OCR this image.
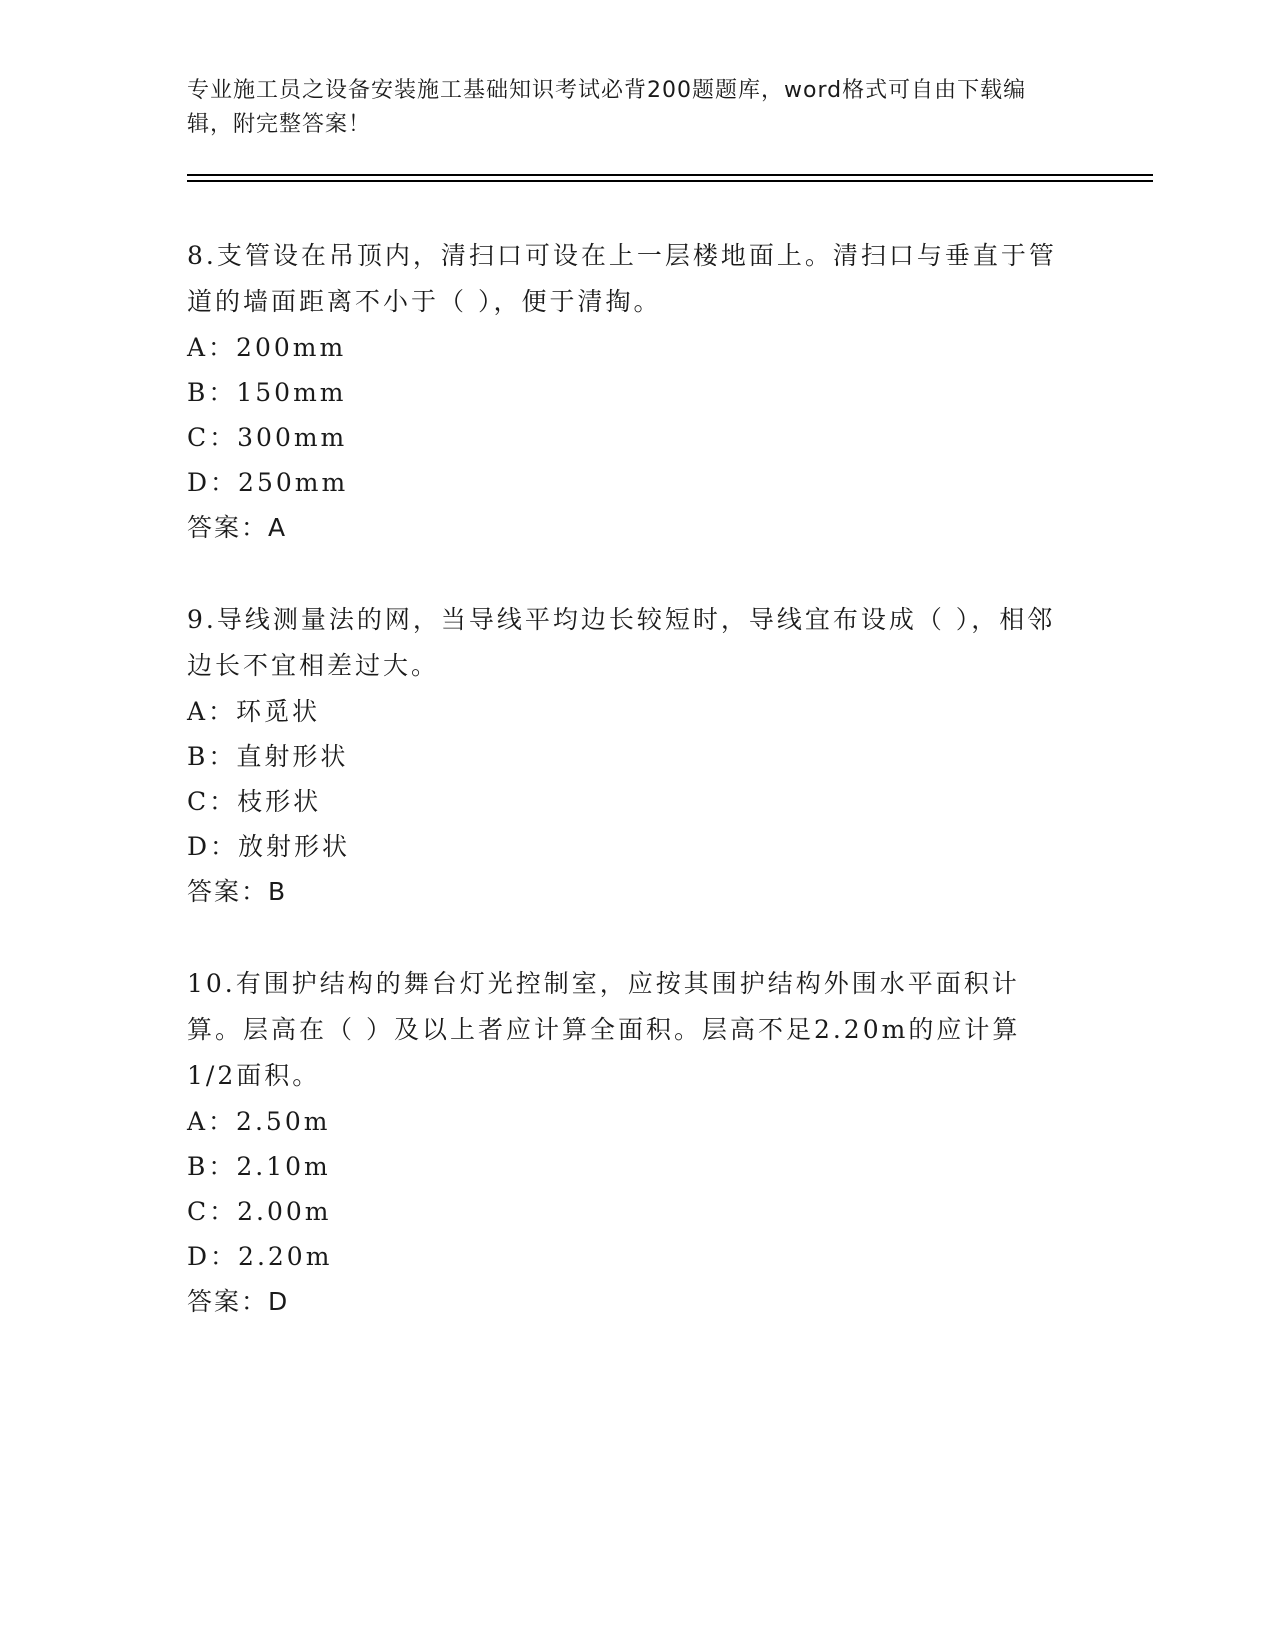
专业施工员之设备安装施工基础知识考试必背200题题库，word格式可自由下载编辑，附完整答案！

8.支管设在吊顶内，清扫口可设在上一层楼地面上。清扫口与垂直于管道的墙面距离不小于（ ），便于清掏。

A：200mm

B：150mm

C：300mm

D：250mm

答案：A

9.导线测量法的网，当导线平均边长较短时，导线宜布设成（ ），相邻边长不宜相差过大。

A：环觅状

B：直射形状

C：枝形状

D：放射形状

答案：B

10.有围护结构的舞台灯光控制室，应按其围护结构外围水平面积计算。层高在（ ）及以上者应计算全面积。层高不足2.20m的应计算1/2面积。

A：2.50m

B：2.10m

C：2.00m

D：2.20m

答案：D
